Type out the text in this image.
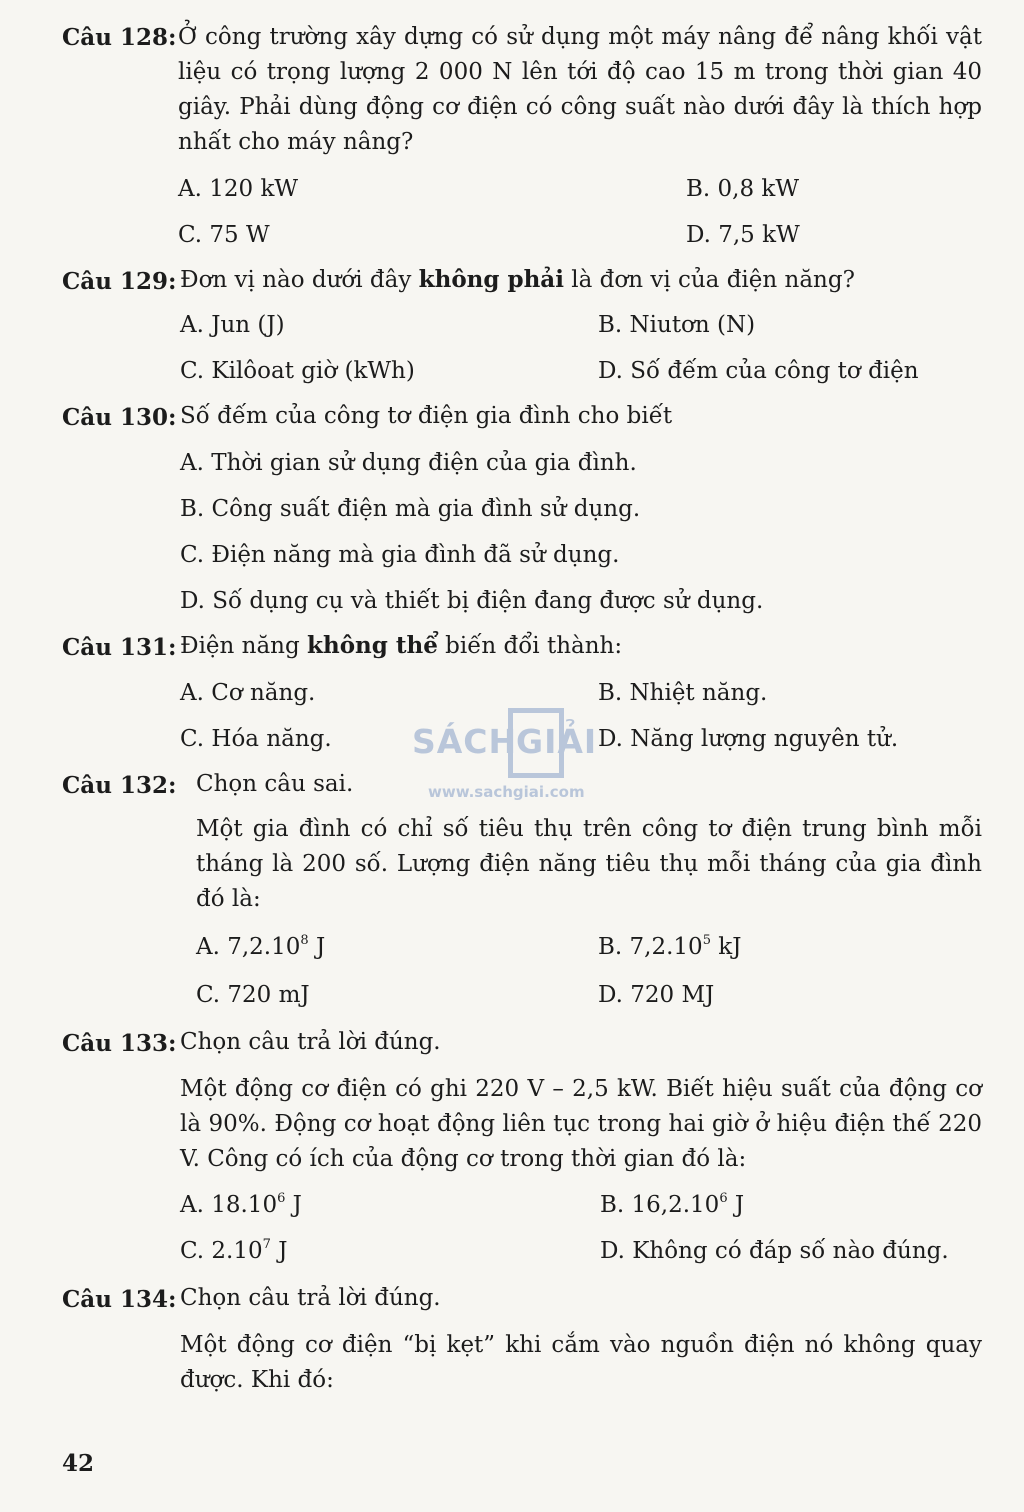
Câu 128: Ở công trường xây dựng có sử dụng một máy nâng để nâng khối vật liệu có trọng lượng 2 000 N lên tới độ cao 15 m trong thời gian 40 giây. Phải dùng động cơ điện có công suất nào dưới đây là thích hợp nhất cho máy nâng?
A. 120 kW	B. 0,8 kW
C. 75 W	D. 7,5 kW
Câu 129: Đơn vị nào dưới đây không phải là đơn vị của điện năng?
A. Jun (J)	B. Niutơn (N)
C. Kilôoat giờ (kWh)	D. Số đếm của công tơ điện
Câu 130: Số đếm của công tơ điện gia đình cho biết
A. Thời gian sử dụng điện của gia đình.
B. Công suất điện mà gia đình sử dụng.
C. Điện năng mà gia đình đã sử dụng.
D. Số dụng cụ và thiết bị điện đang được sử dụng.
Câu 131: Điện năng không thể biến đổi thành:
A. Cơ năng.	B. Nhiệt năng.
C. Hóa năng.	D. Năng lượng nguyên tử.
SÁCH
GIẢI
www.sachgiai.com
Câu 132: Chọn câu sai.
Một gia đình có chỉ số tiêu thụ trên công tơ điện trung bình mỗi tháng là 200 số. Lượng điện năng tiêu thụ mỗi tháng của gia đình đó là:
A. 7,2.10$^8$ J	B. 7,2.10$^5$ kJ
C. 720 mJ	D. 720 MJ
Câu 133: Chọn câu trả lời đúng.
Một động cơ điện có ghi 220 V – 2,5 kW. Biết hiệu suất của động cơ là 90%. Động cơ hoạt động liên tục trong hai giờ ở hiệu điện thế 220 V. Công có ích của động cơ trong thời gian đó là:
A. 18.10$^6$ J	B. 16,2.10$^6$ J
C. 2.10$^7$ J	D. Không có đáp số nào đúng.
Câu 134: Chọn câu trả lời đúng.
Một động cơ điện “bị kẹt” khi cắm vào nguồn điện nó không quay được. Khi đó:
42
